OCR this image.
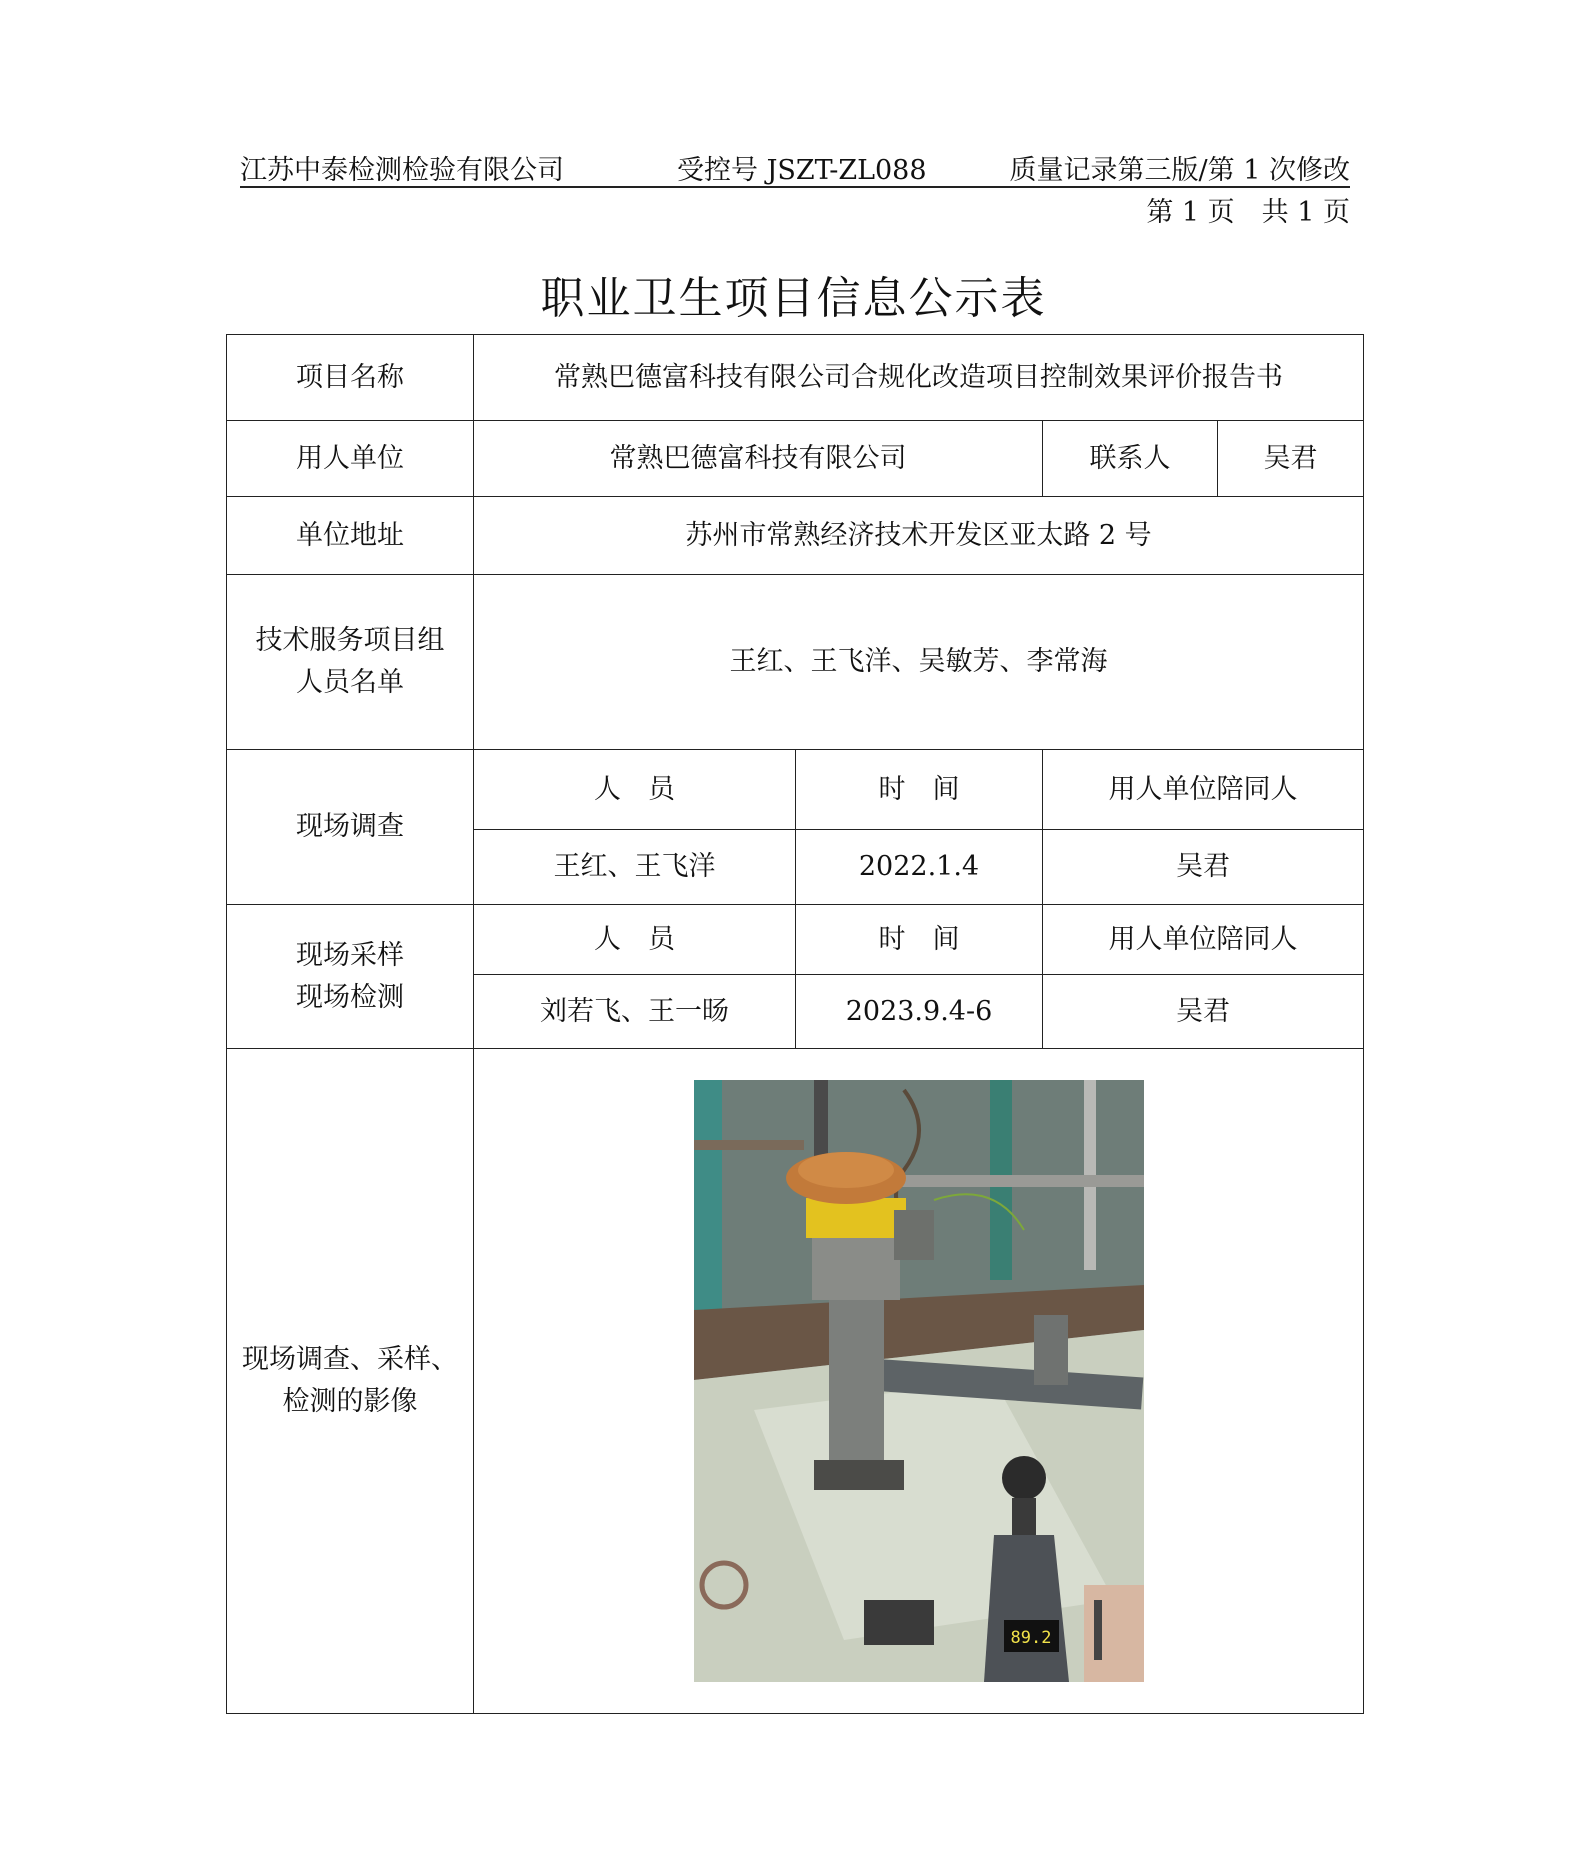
江苏中泰检测检验有限公司	受控号 JSZT-ZL088	质量记录第三版/第 1 次修改
第 1 页　共 1 页
职业卫生项目信息公示表
项目名称	常熟巴德富科技有限公司合规化改造项目控制效果评价报告书			
用人单位	常熟巴德富科技有限公司		联系人	吴君
单位地址	苏州市常熟经济技术开发区亚太路 2 号			

技术服务项目组
人员名单	王红、王飞洋、吴敏芳、李常海			
现场调查	人　员	时　间	用人单位陪同人	
	王红、王飞洋	2022.1.4	吴君	

现场采样
现场检测	人　员	时　间	用人单位陪同人	
	刘若飞、王一旸	2023.9.4-6	吴君	

现场调查、采样、
检测的影像	89.2			
